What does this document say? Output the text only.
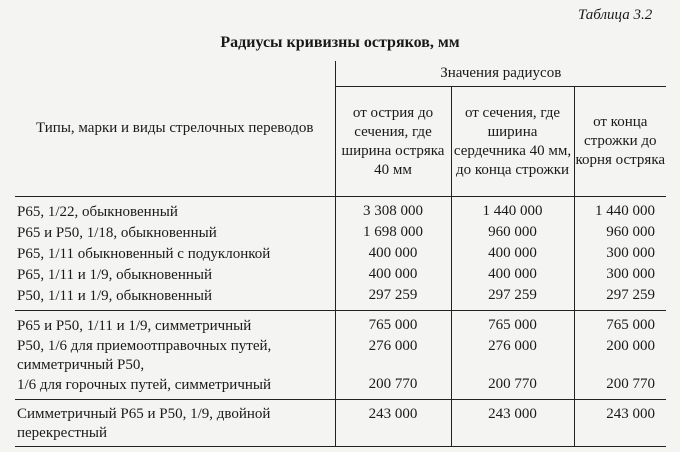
Таблица 3.2
Радиусы кривизны остряков, мм
Типы, марки и виды стрелочных переводов	Значения радиусов		
	от острия до сечения, где ширина остряка 40 мм	от сечения, где ширина сердечника 40 мм, до конца строжки	от конца строжки до корня остряка
Р65, 1/22, обыкновенный	3 308 000	1 440 000	1 440 000
Р65 и Р50, 1/18, обыкновенный	1 698 000	960 000	960 000
Р65, 1/11 обыкновенный с подуклонкой	400 000	400 000	300 000
Р65, 1/11 и 1/9, обыкновенный	400 000	400 000	300 000
Р50, 1/11 и 1/9, обыкновенный	297 259	297 259	297 259
Р65 и Р50, 1/11 и 1/9, симметричный	765 000	765 000	765 000
Р50, 1/6 для приемоотправочных путей, симметричный Р50,	276 000	276 000	200 000
1/6 для горочных путей, симметричный	200 770	200 770	200 770
Симметричный Р65 и Р50, 1/9, двойной перекрестный	243 000	243 000	243 000
